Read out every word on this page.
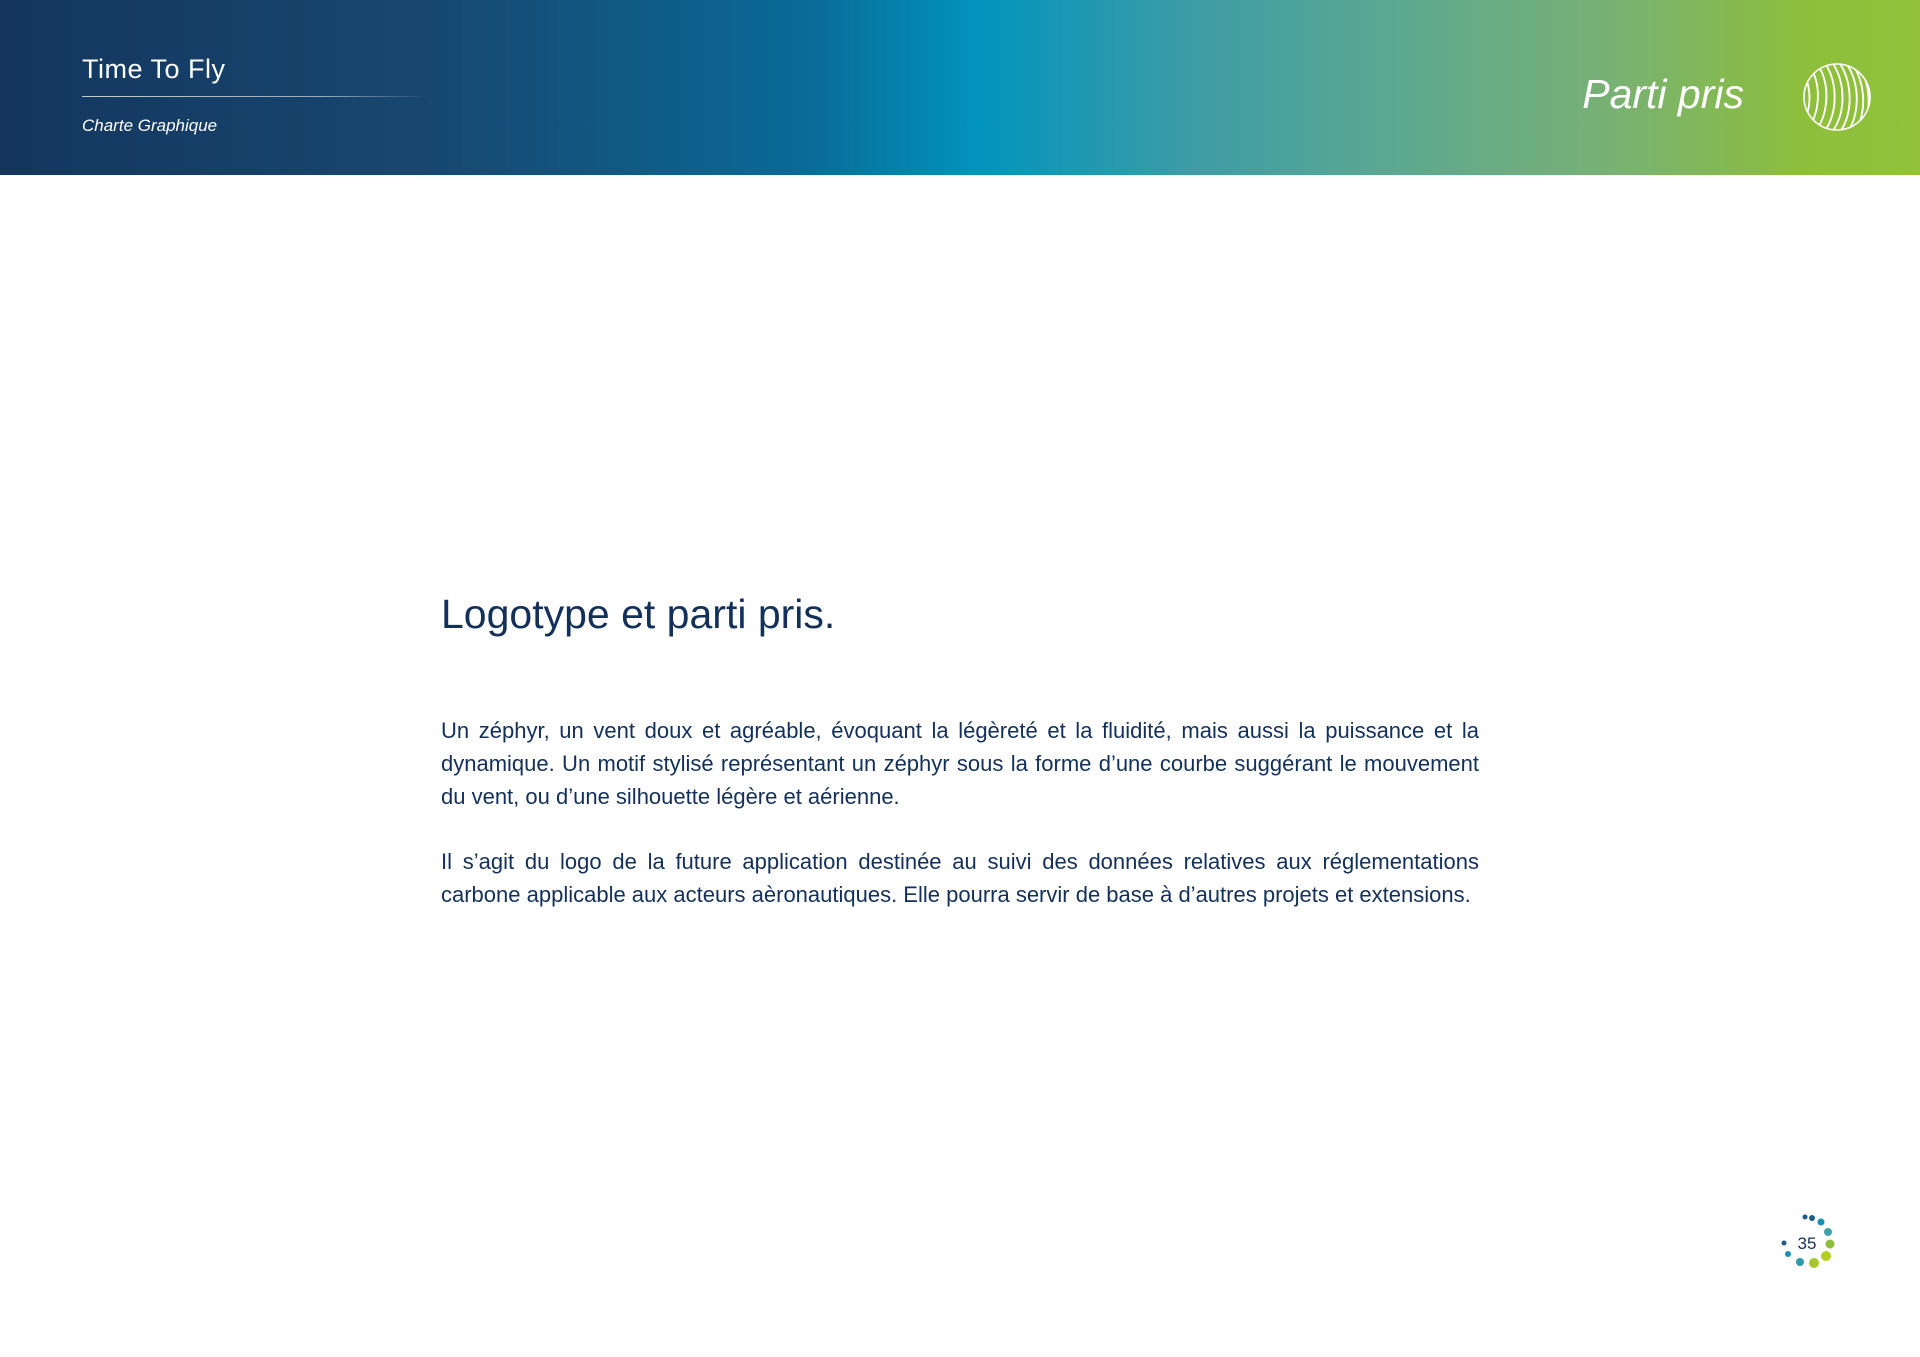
Time To Fly
Charte Graphique
Parti pris
Logotype et parti pris.

Un zéphyr, un vent doux et agréable, évoquant la légèreté et la fluidité, mais aussi la puissance et la dynamique. Un motif stylisé représentant un zéphyr sous la forme d’une courbe suggérant le mouvement du vent, ou d’une silhouette légère et aérienne.

Il s’agit du logo de la future application destinée au suivi des données relatives aux réglementations carbone applicable aux acteurs aèronautiques. Elle pourra servir de base à d’autres projets et extensions.

35
